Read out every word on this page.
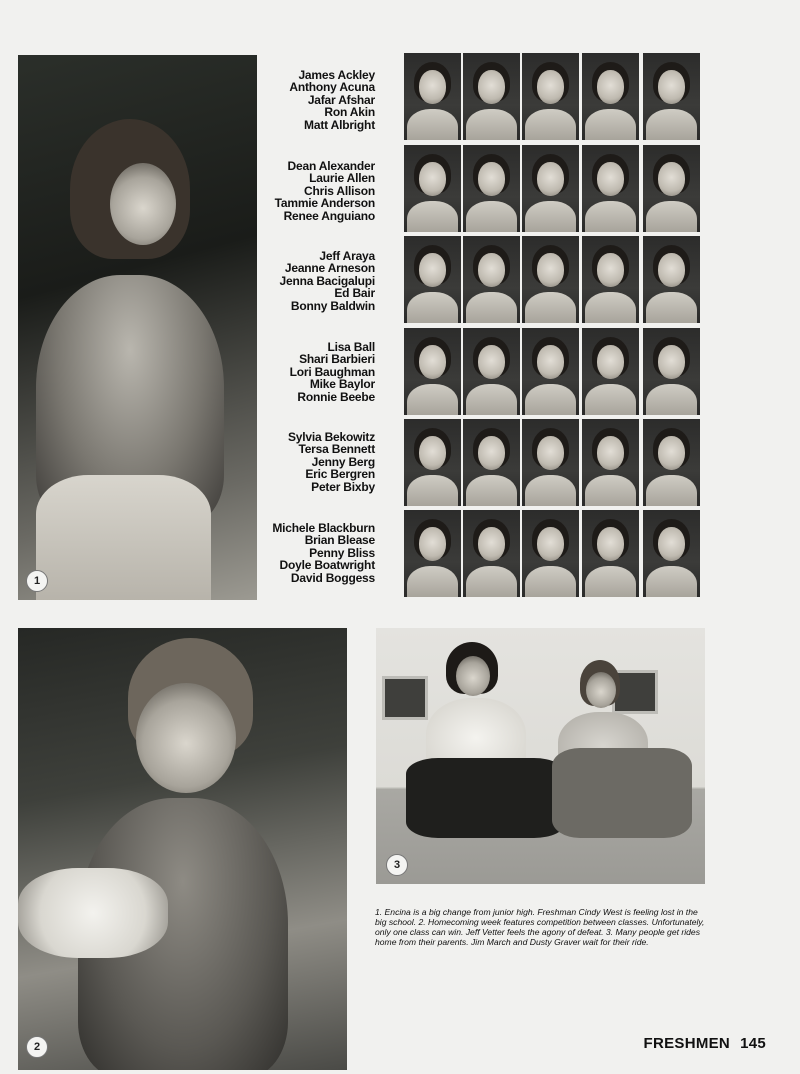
1
James Ackley
Anthony Acuna
Jafar Afshar
Ron Akin
Matt Albright
Dean Alexander
Laurie Allen
Chris Allison
Tammie Anderson
Renee Anguiano
Jeff Araya
Jeanne Arneson
Jenna Bacigalupi
Ed Bair
Bonny Baldwin
Lisa Ball
Shari Barbieri
Lori Baughman
Mike Baylor
Ronnie Beebe
Sylvia Bekowitz
Tersa Bennett
Jenny Berg
Eric Bergren
Peter Bixby
Michele Blackburn
Brian Blease
Penny Bliss
Doyle Boatwright
David Boggess
2
3
1. Encina is a big change from junior high. Freshman Cindy West is feeling lost in the big school. 2. Homecoming week features competition between classes. Unfortunately, only one class can win. Jeff Vetter feels the agony of defeat. 3. Many people get rides home from their parents. Jim March and Dusty Graver wait for their ride.
FRESHMEN 145
